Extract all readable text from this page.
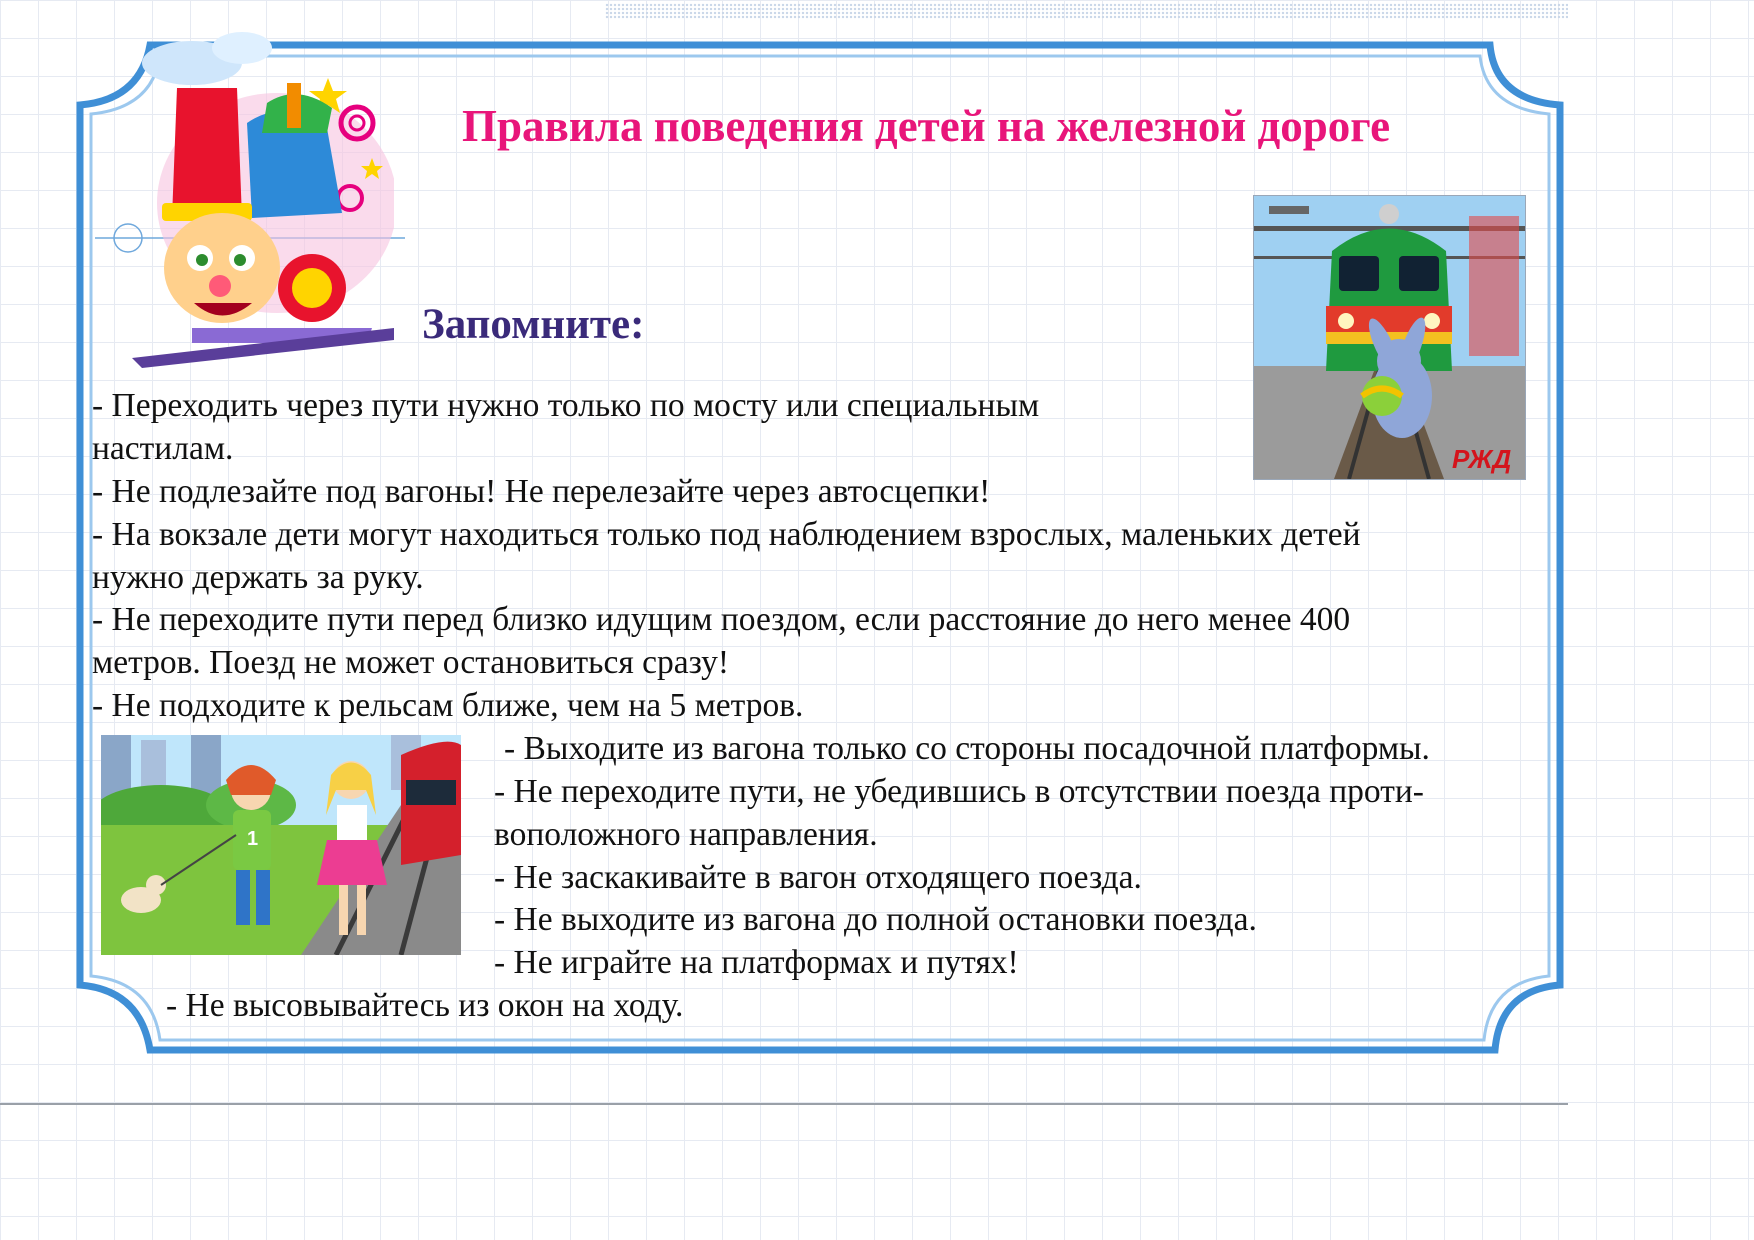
Правила поведения детей на железной дороге
РЖД
Запомните:

- Переходить через пути нужно только по мосту или специальным

настилам.

- Не подлезайте под вагоны! Не перелезайте через автосцепки!

- На вокзале дети могут находиться только под наблюдением взрослых, маленьких детей

нужно держать за руку.

- Не переходите пути перед близко идущим поездом, если расстояние до него менее 400

метров. Поезд не может остановиться сразу!

- Не подходите к рельсам ближе, чем на 5 метров.

- Выходите из вагона только со стороны посадочной платформы.

- Не переходите пути, не убедившись в отсутствии поезда проти-

воположного направления.

- Не заскакивайте в вагон отходящего поезда.

- Не выходите из вагона до полной остановки поезда.

- Не играйте на платформах и путях!

- Не высовывайтесь из окон на ходу.

1
